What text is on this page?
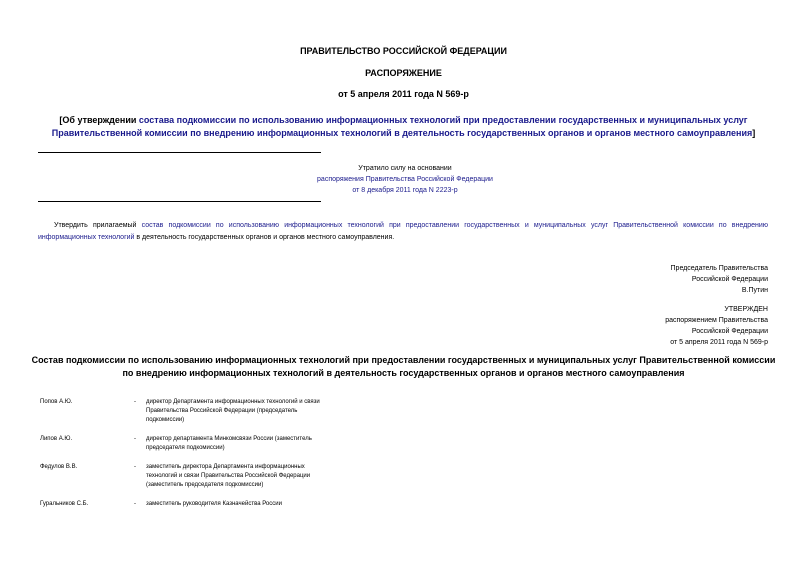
ПРАВИТЕЛЬСТВО РОССИЙСКОЙ ФЕДЕРАЦИИ
РАСПОРЯЖЕНИЕ
от 5 апреля 2011 года N 569-р
[Об утверждении состава подкомиссии по использованию информационных технологий при предоставлении государственных и муниципальных услуг
Правительственной комиссии по внедрению информационных технологий в деятельность государственных органов и органов местного самоуправления]
Утратило силу на основании
распоряжения Правительства Российской Федерации
от 8 декабря 2011 года N 2223-р
Утвердить прилагаемый состав подкомиссии по использованию информационных технологий при предоставлении государственных и муниципальных услуг Правительственной комиссии по внедрению информационных технологий в деятельность государственных органов и органов местного самоуправления.
Председатель Правительства
Российской Федерации
В.Путин
УТВЕРЖДЕН
распоряжением Правительства
Российской Федерации
от 5 апреля 2011 года N 569-р
Состав подкомиссии по использованию информационных технологий при предоставлении государственных и муниципальных услуг Правительственной комиссии по внедрению информационных технологий в деятельность государственных органов и органов местного самоуправления
Попов А.Ю.	-	директор Департамента информационных технологий и связи Правительства Российской Федерации (председатель подкомиссии)
Липов А.Ю.	-	директор департамента Минкомсвязи России (заместитель председателя подкомиссии)
Федулов В.В.	-	заместитель директора Департамента информационных технологий и связи Правительства Российской Федерации (заместитель председателя подкомиссии)
Гуральников С.Б.	-	заместитель руководителя Казначейства России
